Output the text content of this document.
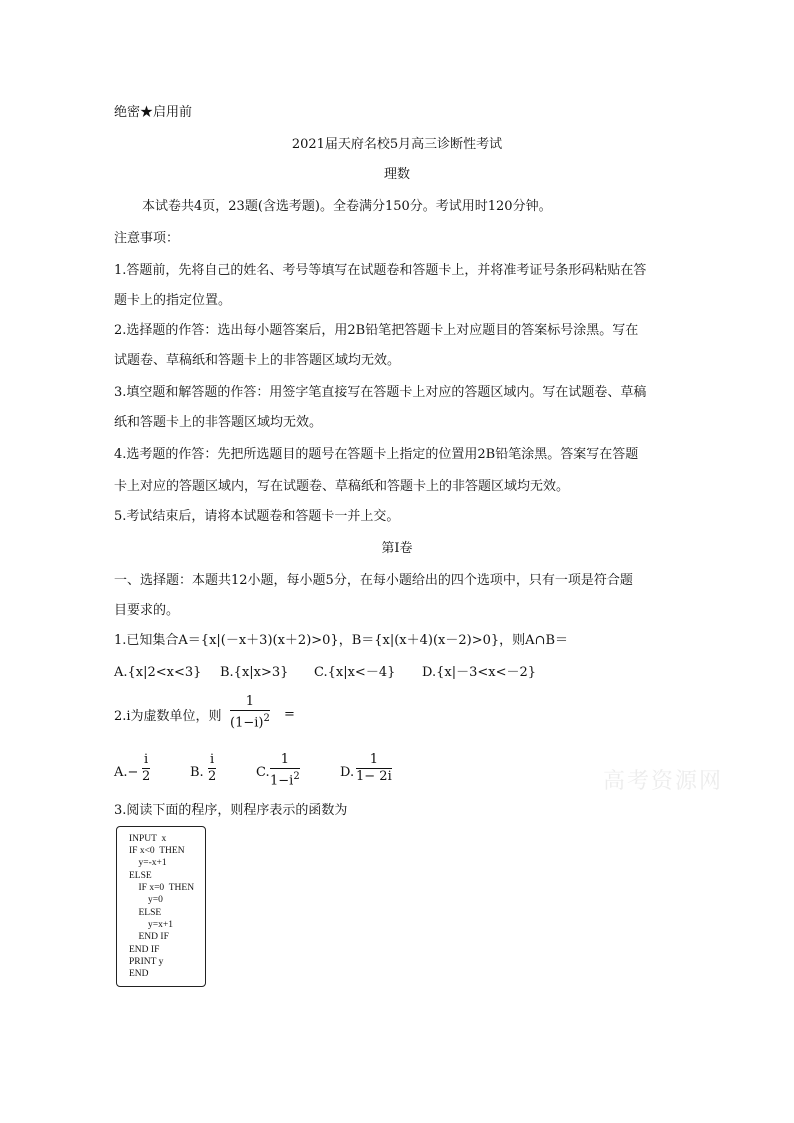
绝密★启用前
2021届天府名校5月高三诊断性考试
理数
本试卷共4页，23题(含选考题)。全卷满分150分。考试用时120分钟。
注意事项：
1.答题前，先将自己的姓名、考号等填写在试题卷和答题卡上，并将准考证号条形码粘贴在答
题卡上的指定位置。
2.选择题的作答：选出每小题答案后，用2B铅笔把答题卡上对应题目的答案标号涂黑。写在
试题卷、草稿纸和答题卡上的非答题区域均无效。
3.填空题和解答题的作答：用签字笔直接写在答题卡上对应的答题区域内。写在试题卷、草稿
纸和答题卡上的非答题区域均无效。
4.选考题的作答：先把所选题目的题号在答题卡上指定的位置用2B铅笔涂黑。答案写在答题
卡上对应的答题区域内，写在试题卷、草稿纸和答题卡上的非答题区域均无效。
5.考试结束后，请将本试题卷和答题卡一并上交。
第Ⅰ卷
一、选择题：本题共12小题，每小题5分，在每小题给出的四个选项中，只有一项是符合题
目要求的。
1.已知集合A＝{x|(－x＋3)(x＋2)>0}，B＝{x|(x＋4)(x－2)>0}，则A∩B＝
A.{x|2<x<3} B.{x|x>3} C.{x|x<－4} D.{x|－3<x<－2}
2.i为虚数单位，则
1
$(1-i)^2$ =
A.−
i
2	B.
i
2	C.
1
$1-i^2$	D.
1
1− 2i	高考资源网
3.阅读下面的程序，则程序表示的函数为
INPUT  x
IF x<0  THEN
y=-x+1
ELSE
IF x=0  THEN
y=0
ELSE
y=x+1
END IF
END IF
PRINT y
END
